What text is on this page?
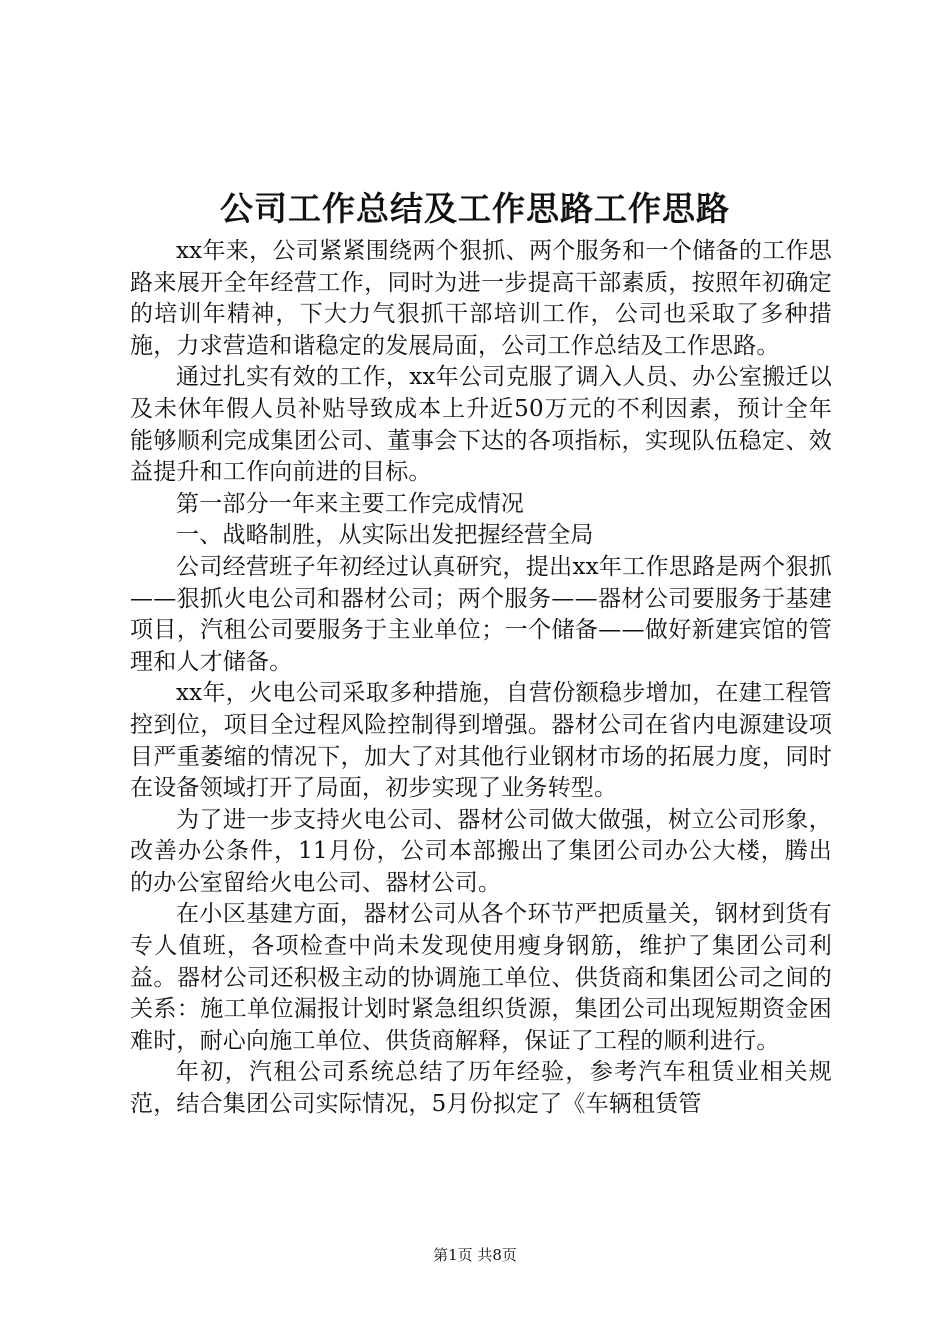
公司工作总结及工作思路工作思路

xx年来，公司紧紧围绕两个狠抓、两个服务和一个储备的工作思路来展开全年经营工作，同时为进一步提高干部素质，按照年初确定的培训年精神，下大力气狠抓干部培训工作，公司也采取了多种措施，力求营造和谐稳定的发展局面，公司工作总结及工作思路。

通过扎实有效的工作，xx年公司克服了调入人员、办公室搬迁以及未休年假人员补贴导致成本上升近50万元的不利因素，预计全年能够顺利完成集团公司、董事会下达的各项指标，实现队伍稳定、效益提升和工作向前进的目标。

第一部分一年来主要工作完成情况

一、战略制胜，从实际出发把握经营全局

公司经营班子年初经过认真研究，提出xx年工作思路是两个狠抓——狠抓火电公司和器材公司；两个服务——器材公司要服务于基建项目，汽租公司要服务于主业单位；一个储备——做好新建宾馆的管理和人才储备。

xx年，火电公司采取多种措施，自营份额稳步增加，在建工程管控到位，项目全过程风险控制得到增强。器材公司在省内电源建设项目严重萎缩的情况下，加大了对其他行业钢材市场的拓展力度，同时在设备领域打开了局面，初步实现了业务转型。

为了进一步支持火电公司、器材公司做大做强，树立公司形象，改善办公条件，11月份，公司本部搬出了集团公司办公大楼，腾出的办公室留给火电公司、器材公司。

在小区基建方面，器材公司从各个环节严把质量关，钢材到货有专人值班，各项检查中尚未发现使用瘦身钢筋，维护了集团公司利益。器材公司还积极主动的协调施工单位、供货商和集团公司之间的关系：施工单位漏报计划时紧急组织货源，集团公司出现短期资金困难时，耐心向施工单位、供货商解释，保证了工程的顺利进行。

年初，汽租公司系统总结了历年经验，参考汽车租赁业相关规范，结合集团公司实际情况，5月份拟定了《车辆租赁管

第1页 共8页
